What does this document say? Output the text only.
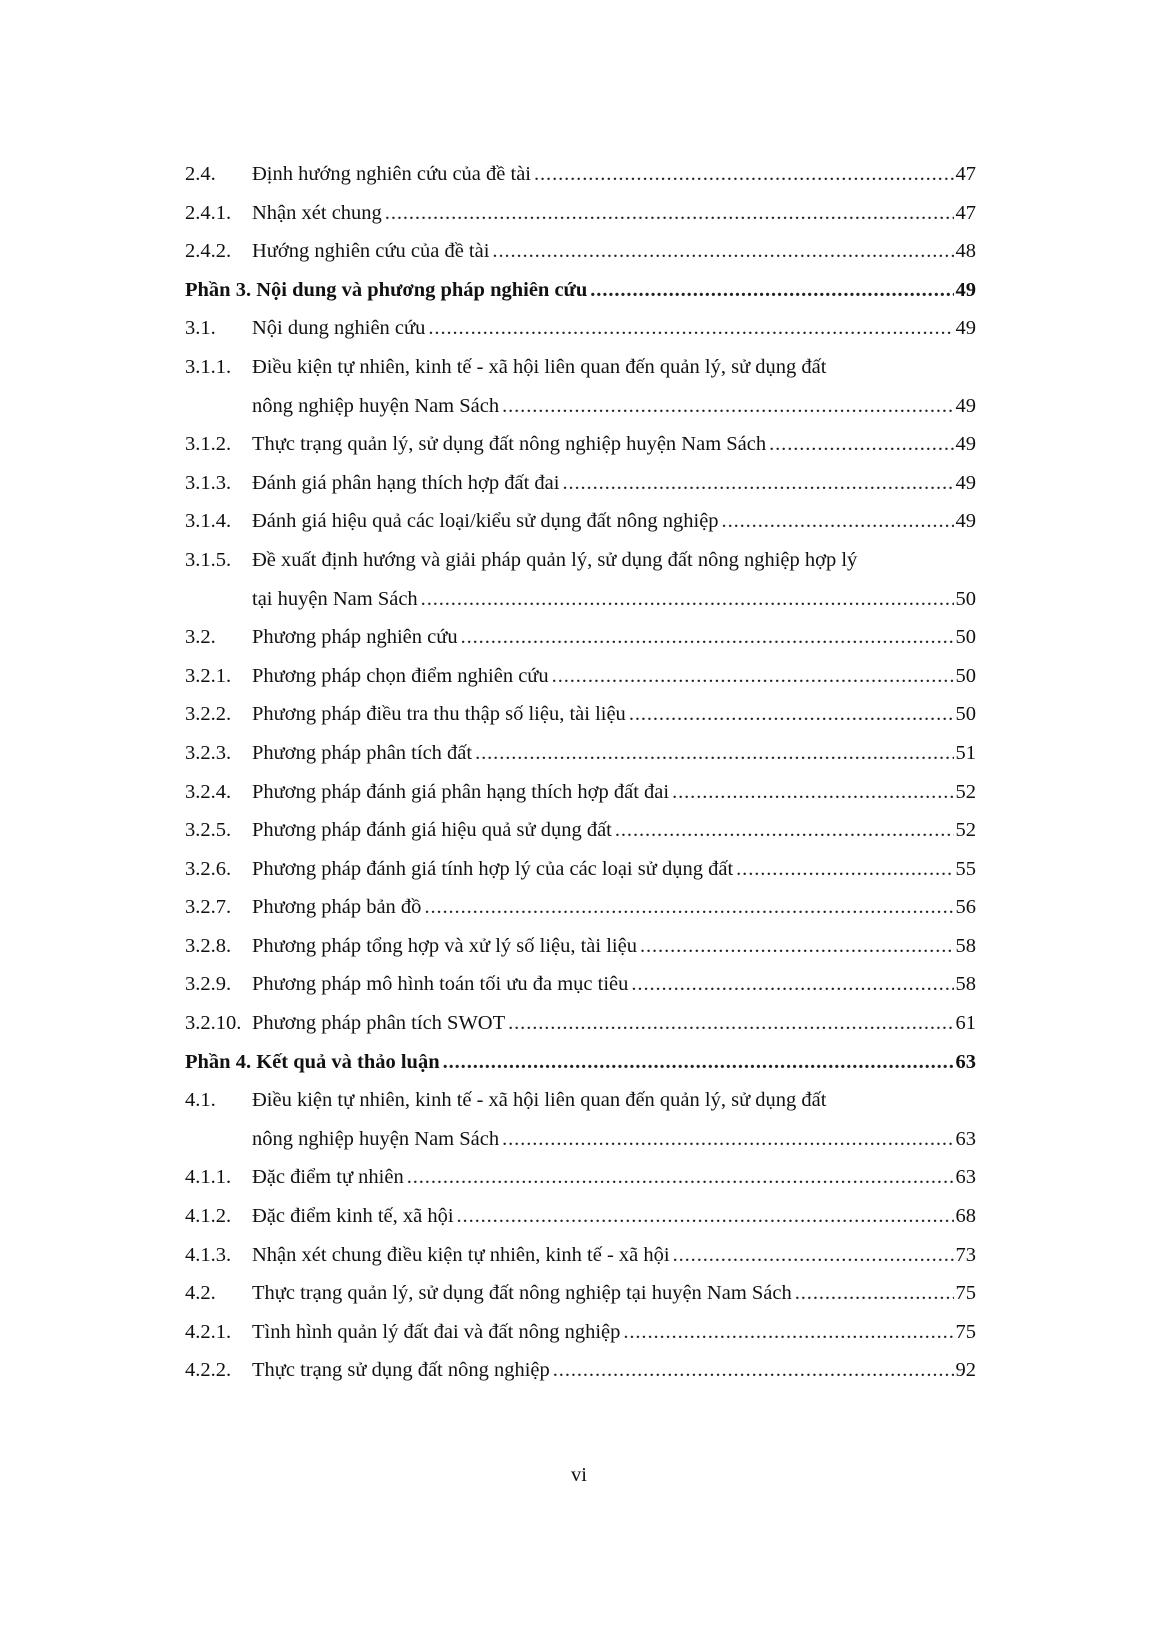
2.4. Định hướng nghiên cứu của đề tài .....	47
2.4.1. Nhận xét chung .....	47
2.4.2. Hướng nghiên cứu của đề tài .....	48
Phần 3. Nội dung và phương pháp nghiên cứu .....	49
3.1. Nội dung nghiên cứu .....	49
3.1.1. Điều kiện tự nhiên, kinh tế - xã hội liên quan đến quản lý, sử dụng đất
nông nghiệp huyện Nam Sách .....	49
3.1.2. Thực trạng quản lý, sử dụng đất nông nghiệp huyện Nam Sách .....	49
3.1.3. Đánh giá phân hạng thích hợp đất đai .....	49
3.1.4. Đánh giá hiệu quả các loại/kiểu sử dụng đất nông nghiệp .....	49
3.1.5. Đề xuất định hướng và giải pháp quản lý, sử dụng đất nông nghiệp hợp lý
tại huyện Nam Sách .....	50
3.2. Phương pháp nghiên cứu .....	50
3.2.1. Phương pháp chọn điểm nghiên cứu .....	50
3.2.2. Phương pháp điều tra thu thập số liệu, tài liệu .....	50
3.2.3. Phương pháp phân tích đất .....	51
3.2.4. Phương pháp đánh giá phân hạng thích hợp đất đai .....	52
3.2.5. Phương pháp đánh giá hiệu quả sử dụng đất .....	52
3.2.6. Phương pháp đánh giá tính hợp lý của các loại sử dụng đất .....	55
3.2.7. Phương pháp bản đồ .....	56
3.2.8. Phương pháp tổng hợp và xử lý số liệu, tài liệu .....	58
3.2.9. Phương pháp mô hình toán tối ưu đa mục tiêu .....	58
3.2.10. Phương pháp phân tích SWOT .....	61
Phần 4. Kết quả và thảo luận .....	63
4.1. Điều kiện tự nhiên, kinh tế - xã hội liên quan đến quản lý, sử dụng đất
nông nghiệp huyện Nam Sách .....	63
4.1.1. Đặc điểm tự nhiên .....	63
4.1.2. Đặc điểm kinh tế, xã hội .....	68
4.1.3. Nhận xét chung điều kiện tự nhiên, kinh tế - xã hội .....	73
4.2. Thực trạng quản lý, sử dụng đất nông nghiệp tại huyện Nam Sách .....	75
4.2.1. Tình hình quản lý đất đai và đất nông nghiệp .....	75
4.2.2. Thực trạng sử dụng đất nông nghiệp .....	92
vi
